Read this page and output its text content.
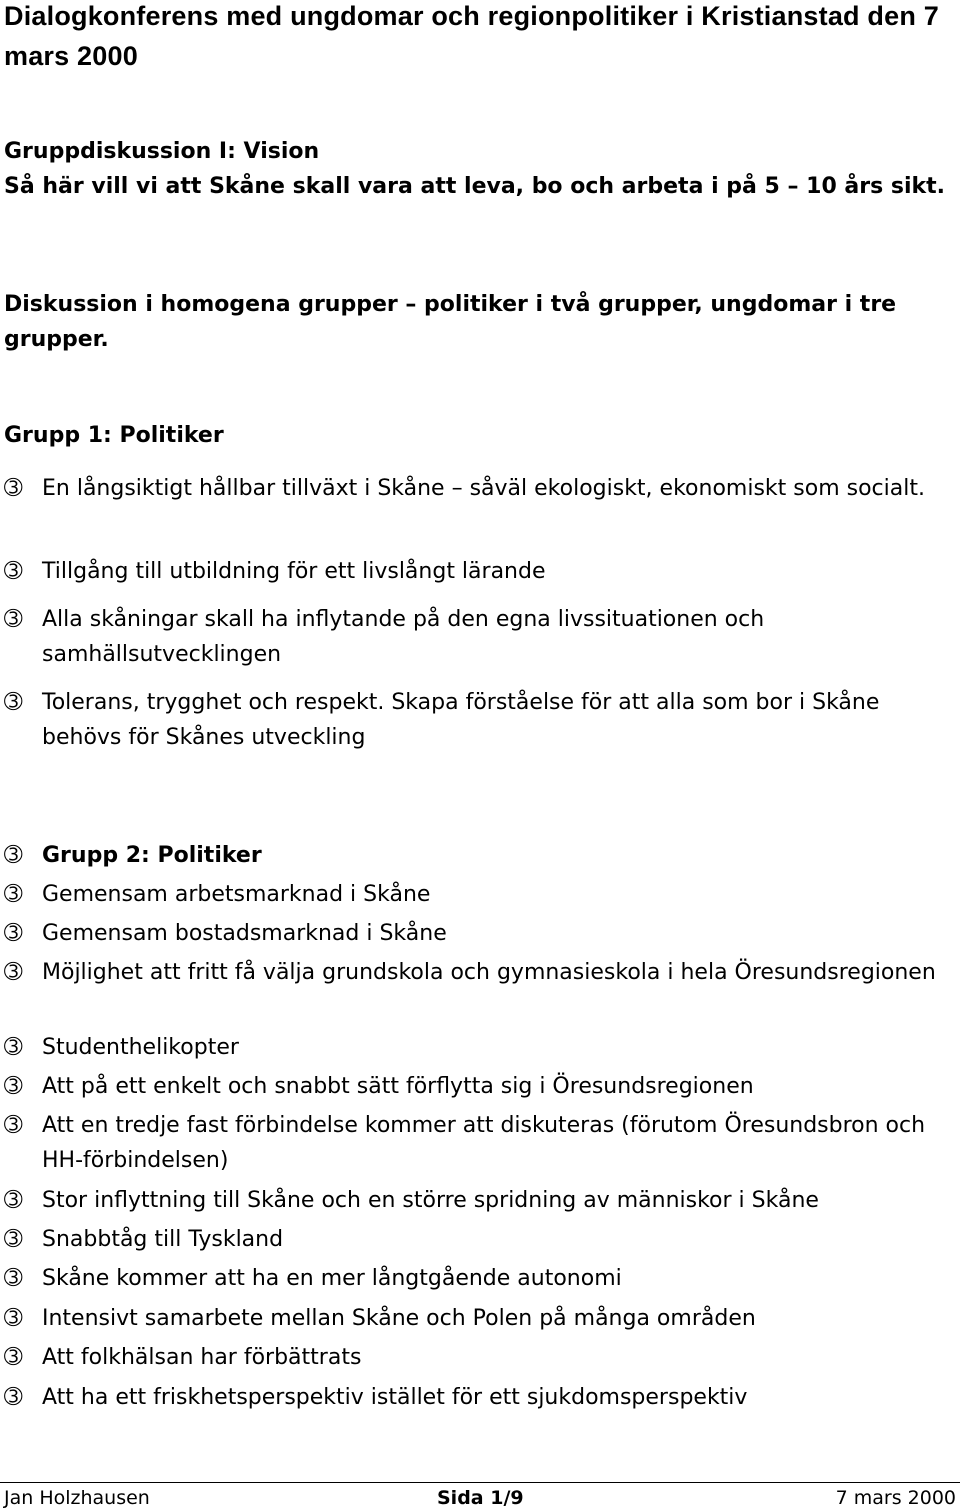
Dialogkonferens med ungdomar och regionpolitiker i Kristianstad den 7 mars 2000
Gruppdiskussion I: Vision
Så här vill vi att Skåne skall vara att leva, bo och arbeta i på 5 – 10 års sikt.
Diskussion i homogena grupper – politiker i två grupper, ungdomar i tre grupper.
Grupp 1: Politiker
➂ En långsiktigt hållbar tillväxt i Skåne – såväl ekologiskt, ekonomiskt som socialt.
➂ Tillgång till utbildning för ett livslångt lärande
➂ Alla skåningar skall ha inflytande på den egna livssituationen och samhällsutvecklingen
➂ Tolerans, trygghet och respekt. Skapa förståelse för att alla som bor i Skåne behövs för Skånes utveckling
➂ Grupp 2: Politiker
➂ Gemensam arbetsmarknad i Skåne
➂ Gemensam bostadsmarknad i Skåne
➂ Möjlighet att fritt få välja grundskola och gymnasieskola i hela Öresundsregionen
➂ Studenthelikopter
➂ Att på ett enkelt och snabbt sätt förflytta sig i Öresundsregionen
➂ Att en tredje fast förbindelse kommer att diskuteras (förutom Öresundsbron och HH-förbindelsen)
➂ Stor inflyttning till Skåne och en större spridning av människor i Skåne
➂ Snabbtåg till Tyskland
➂ Skåne kommer att ha en mer långtgående autonomi
➂ Intensivt samarbete mellan Skåne och Polen på många områden
➂ Att folkhälsan har förbättrats
➂ Att ha ett friskhetsperspektiv istället för ett sjukdomsperspektiv
Jan Holzhausen	Sida 1/9	7 mars 2000
